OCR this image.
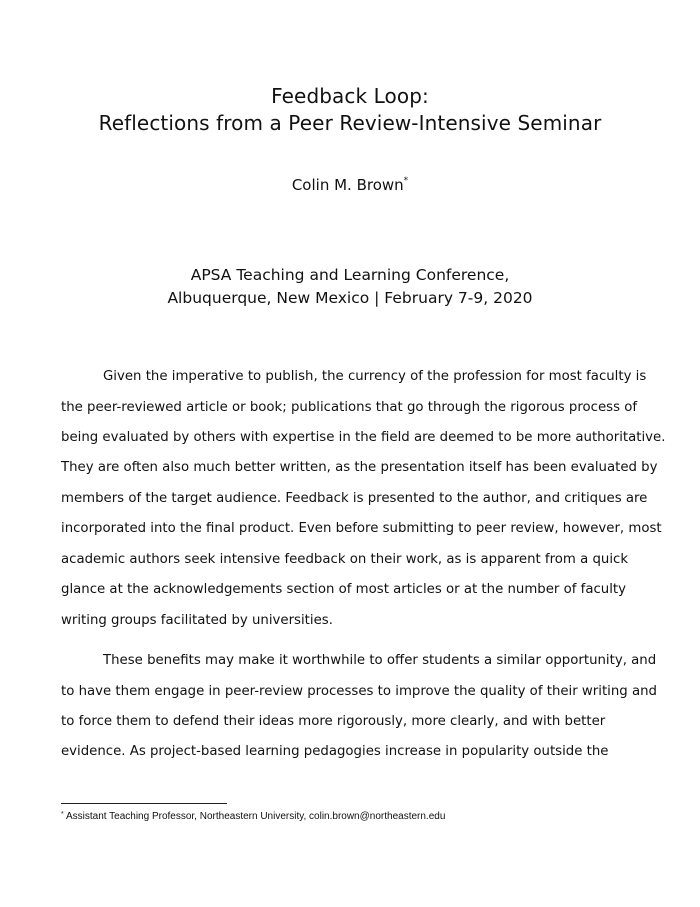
Feedback Loop:
Reflections from a Peer Review-Intensive Seminar
Colin M. Brown*
APSA Teaching and Learning Conference,
Albuquerque, New Mexico | February 7-9, 2020
Given the imperative to publish, the currency of the profession for most faculty is
the peer-reviewed article or book; publications that go through the rigorous process of
being evaluated by others with expertise in the field are deemed to be more authoritative.
They are often also much better written, as the presentation itself has been evaluated by
members of the target audience. Feedback is presented to the author, and critiques are
incorporated into the final product. Even before submitting to peer review, however, most
academic authors seek intensive feedback on their work, as is apparent from a quick
glance at the acknowledgements section of most articles or at the number of faculty
writing groups facilitated by universities.
These benefits may make it worthwhile to offer students a similar opportunity, and
to have them engage in peer-review processes to improve the quality of their writing and
to force them to defend their ideas more rigorously, more clearly, and with better
evidence. As project-based learning pedagogies increase in popularity outside the
* Assistant Teaching Professor, Northeastern University, colin.brown@northeastern.edu
